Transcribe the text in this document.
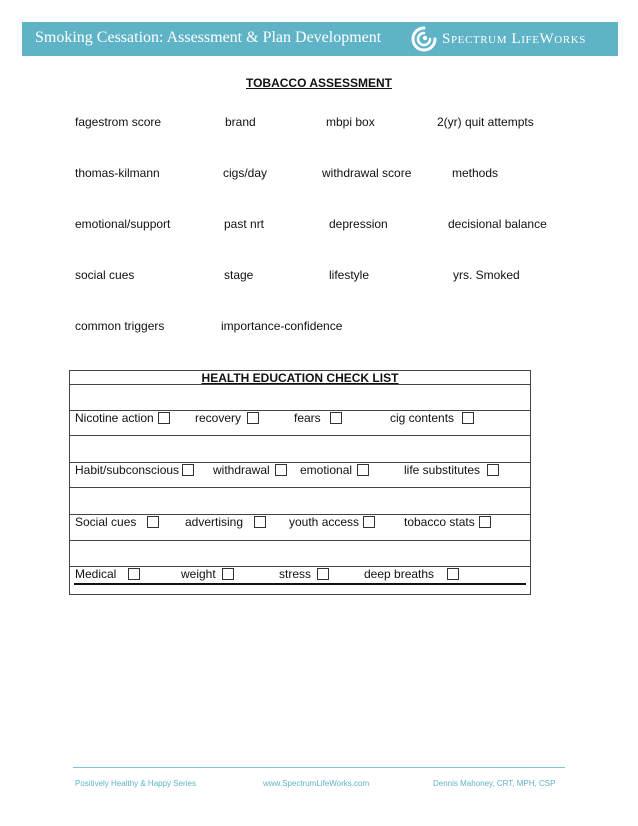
Smoking Cessation: Assessment & Plan Development	Spectrum LifeWorks
TOBACCO ASSESSMENT
fagestrom score	brand	mbpi box	2(yr) quit attempts
thomas-kilmann	cigs/day	withdrawal score	methods
emotional/support	past nrt	depression	decisional balance
social cues	stage	lifestyle	yrs. Smoked
common triggers	importance-confidence
HEALTH EDUCATION CHECK LIST
Nicotine action	recovery	fears	cig contents
Habit/subconscious	withdrawal	emotional	life substitutes
Social cues	advertising	youth access	tobacco stats
Medical	weight	stress	deep breaths
Positively Healthy & Happy Series	www.SpectrumLifeWorks.com	Dennis Mahoney, CRT, MPH, CSP
